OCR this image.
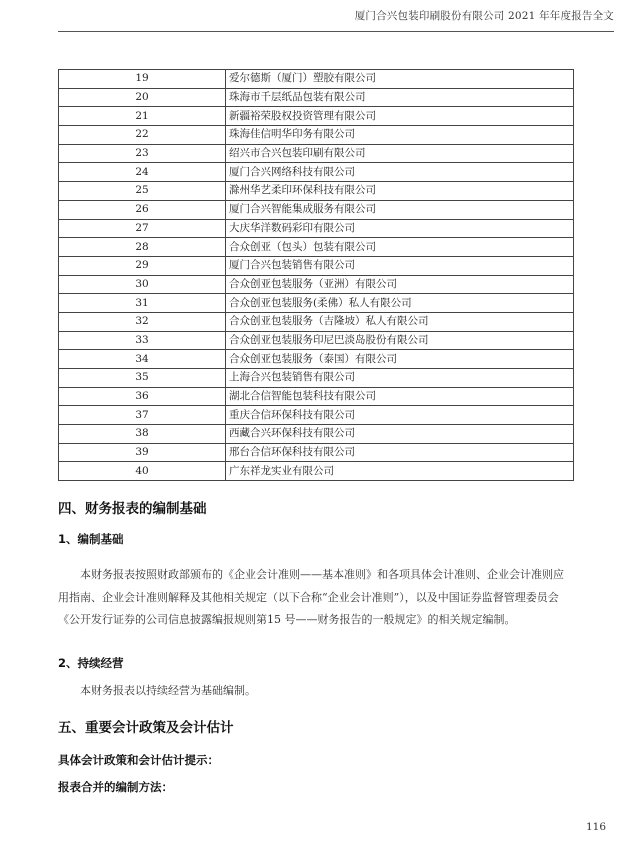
厦门合兴包装印刷股份有限公司 2021 年年度报告全文
19	爱尔德斯（厦门）塑胶有限公司
20	珠海市千层纸品包装有限公司
21	新疆裕荣股权投资管理有限公司
22	珠海佳信明华印务有限公司
23	绍兴市合兴包装印刷有限公司
24	厦门合兴网络科技有限公司
25	滁州华艺柔印环保科技有限公司
26	厦门合兴智能集成服务有限公司
27	大庆华洋数码彩印有限公司
28	合众创亚（包头）包装有限公司
29	厦门合兴包装销售有限公司
30	合众创亚包装服务（亚洲）有限公司
31	合众创亚包装服务(柔佛）私人有限公司
32	合众创亚包装服务（吉隆坡）私人有限公司
33	合众创亚包装服务印尼巴淡岛股份有限公司
34	合众创亚包装服务（泰国）有限公司
35	上海合兴包装销售有限公司
36	湖北合信智能包装科技有限公司
37	重庆合信环保科技有限公司
38	西藏合兴环保科技有限公司
39	邢台合信环保科技有限公司
40	广东祥龙实业有限公司
四、财务报表的编制基础
1、编制基础
本财务报表按照财政部颁布的《企业会计准则——基本准则》和各项具体会计准则、企业会计准则应
用指南、企业会计准则解释及其他相关规定（以下合称“企业会计准则”），以及中国证券监督管理委员会
《公开发行证券的公司信息披露编报规则第15 号——财务报告的一般规定》的相关规定编制。
2、持续经营
本财务报表以持续经营为基础编制。
五、重要会计政策及会计估计
具体会计政策和会计估计提示：
报表合并的编制方法：
116
